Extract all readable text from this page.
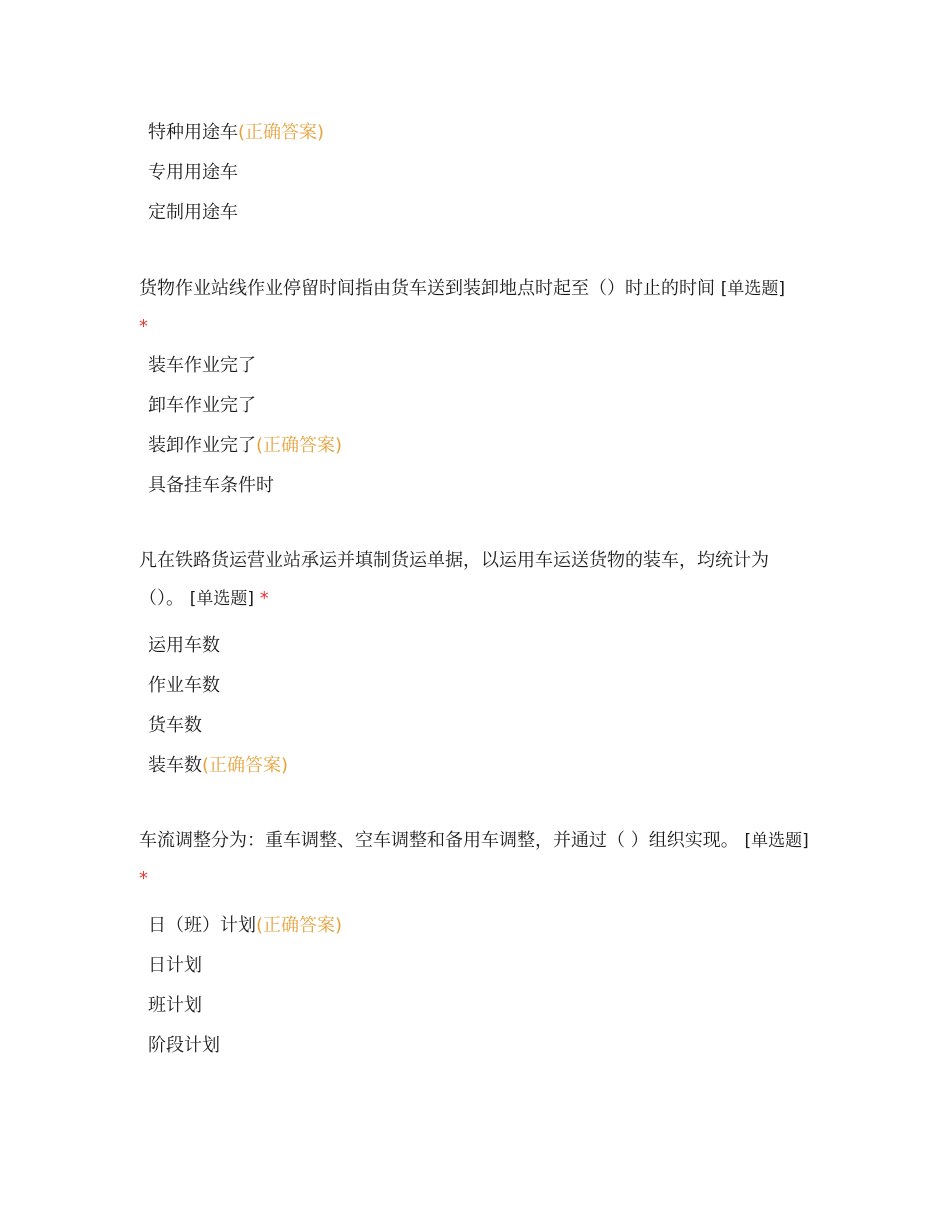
特种用途车(正确答案)
专用用途车
定制用途车
货物作业站线作业停留时间指由货车送到装卸地点时起至（）时止的时间 [单选题]
*
装车作业完了
卸车作业完了
装卸作业完了(正确答案)
具备挂车条件时
凡在铁路货运营业站承运并填制货运单据，以运用车运送货物的装车，均统计为（）。 [单选题] *
运用车数
作业车数
货车数
装车数(正确答案)
车流调整分为：重车调整、空车调整和备用车调整，并通过（ ）组织实现。 [单选题] *
日（班）计划(正确答案)
日计划
班计划
阶段计划
